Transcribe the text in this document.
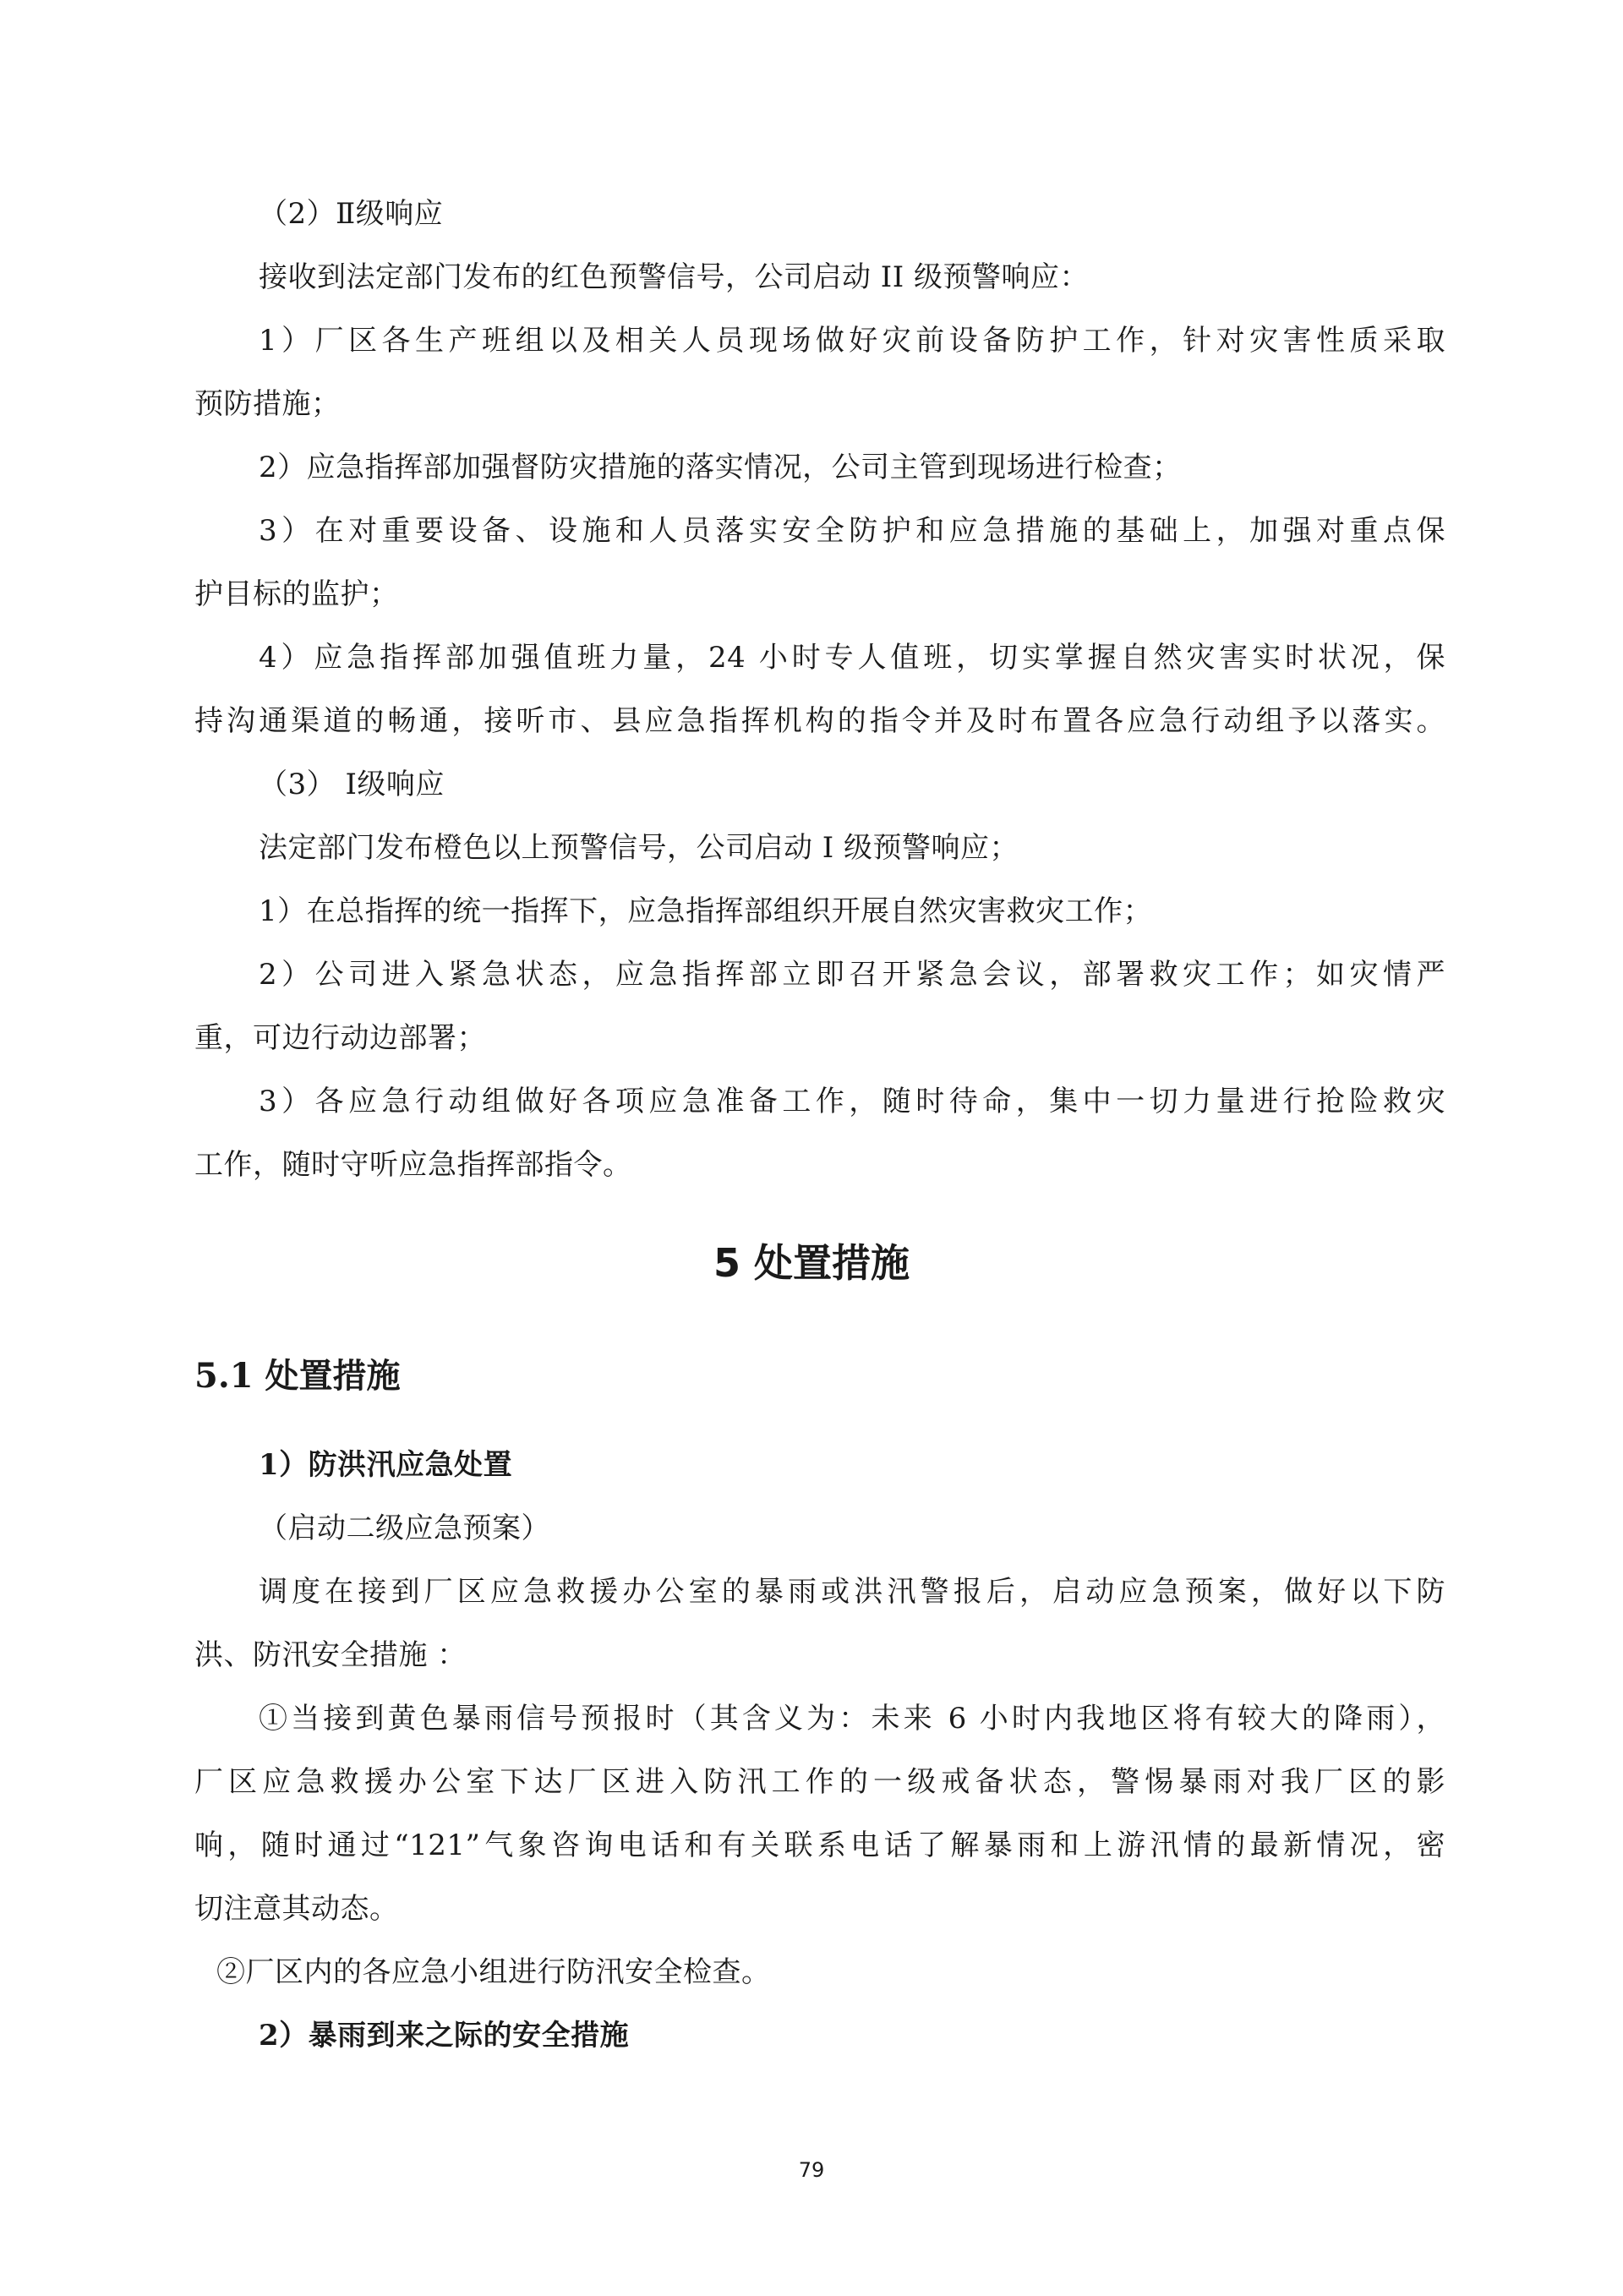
（2）Ⅱ级响应
接收到法定部门发布的红色预警信号，公司启动 II 级预警响应：
1）厂区各生产班组以及相关人员现场做好灾前设备防护工作，针对灾害性质采取
预防措施；
2）应急指挥部加强督防灾措施的落实情况，公司主管到现场进行检查；
3）在对重要设备、设施和人员落实安全防护和应急措施的基础上，加强对重点保
护目标的监护；
4）应急指挥部加强值班力量，24 小时专人值班，切实掌握自然灾害实时状况，保
持沟通渠道的畅通，接听市、县应急指挥机构的指令并及时布置各应急行动组予以落实。
（3） Ⅰ级响应
法定部门发布橙色以上预警信号，公司启动 I 级预警响应；
1）在总指挥的统一指挥下，应急指挥部组织开展自然灾害救灾工作；
2）公司进入紧急状态，应急指挥部立即召开紧急会议，部署救灾工作；如灾情严
重，可边行动边部署；
3）各应急行动组做好各项应急准备工作，随时待命，集中一切力量进行抢险救灾
工作，随时守听应急指挥部指令。
5 处置措施
5.1 处置措施
1）防洪汛应急处置
（启动二级应急预案）
调度在接到厂区应急救援办公室的暴雨或洪汛警报后，启动应急预案，做好以下防
洪、防汛安全措施 ：
①当接到黄色暴雨信号预报时（其含义为：未来 6 小时内我地区将有较大的降雨），
厂区应急救援办公室下达厂区进入防汛工作的一级戒备状态，警惕暴雨对我厂区的影
响，随时通过“121”气象咨询电话和有关联系电话了解暴雨和上游汛情的最新情况，密
切注意其动态。
②厂区内的各应急小组进行防汛安全检查。
2）暴雨到来之际的安全措施
79
